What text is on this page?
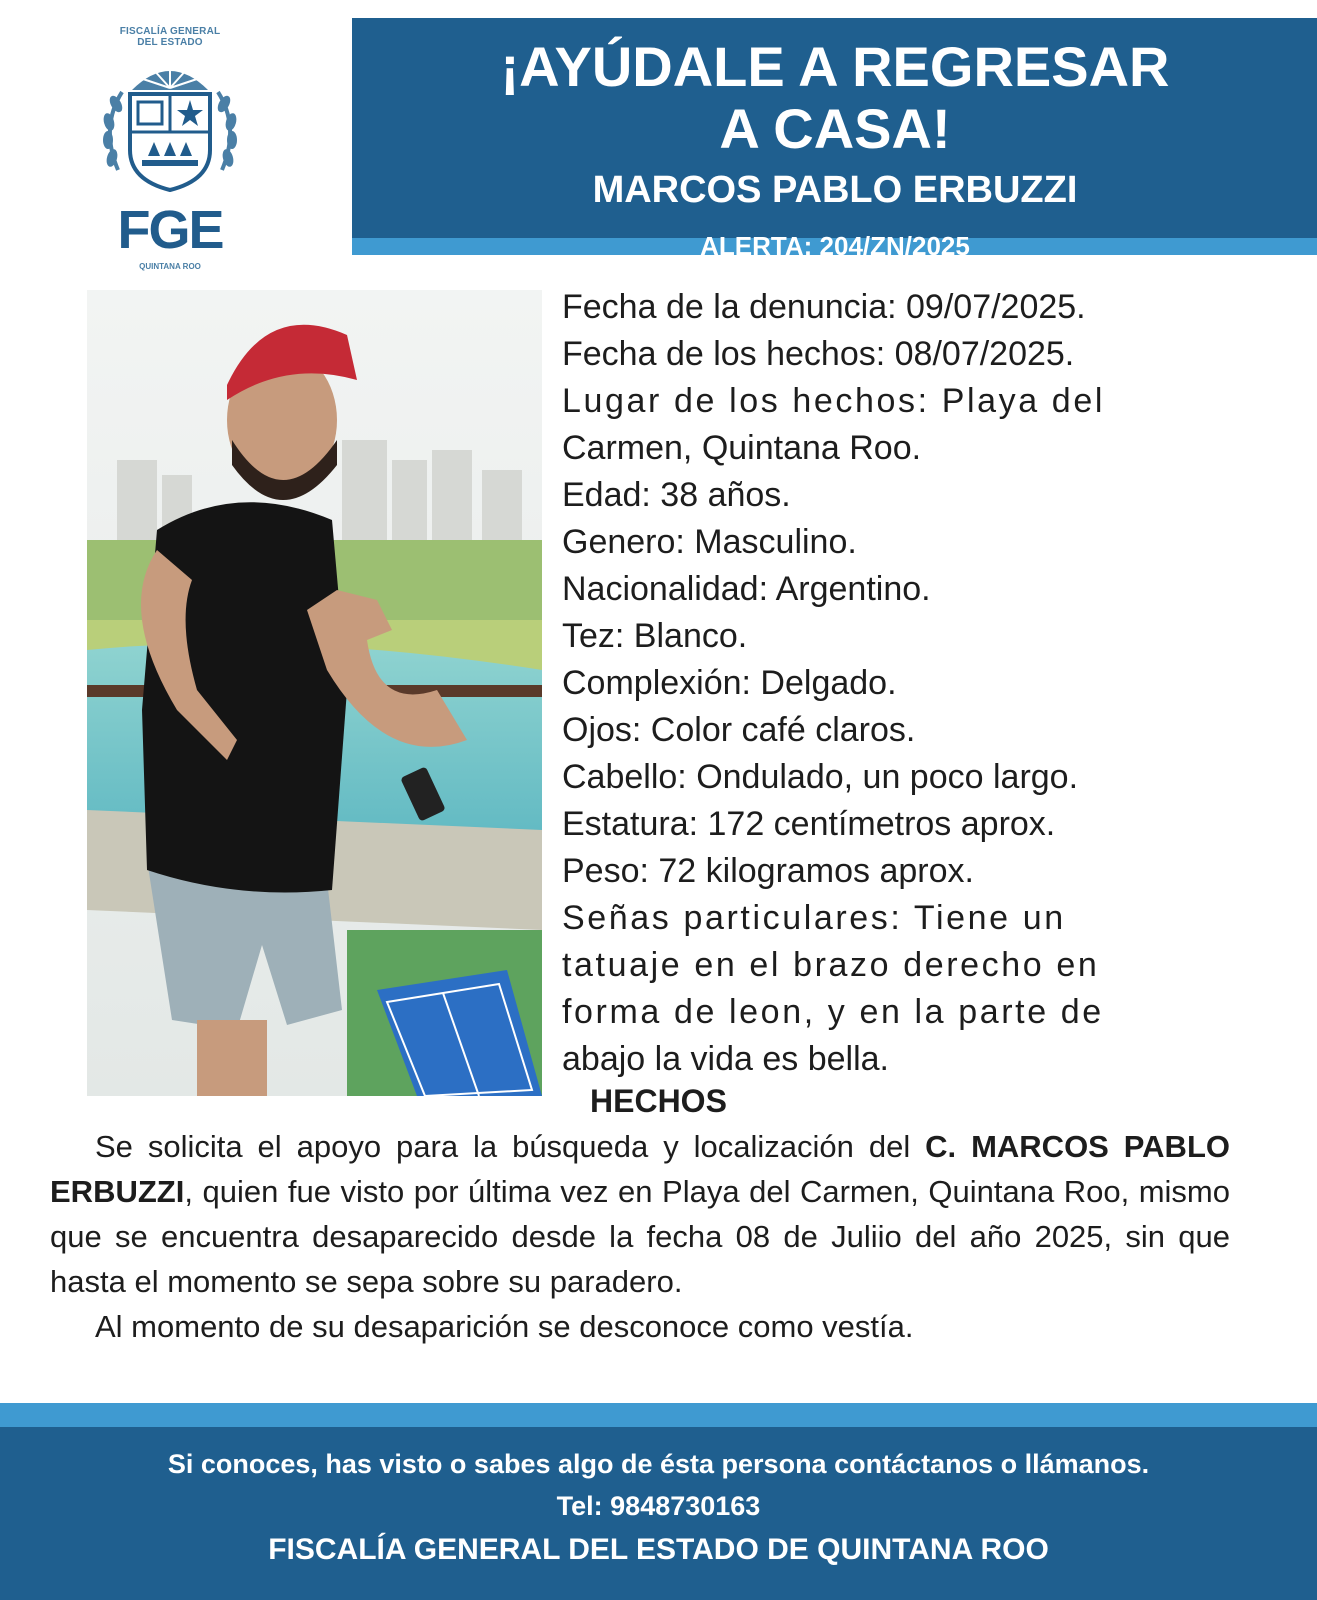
FISCALÍA GENERAL
DEL ESTADO
FGE
QUINTANA ROO
¡AYÚDALE A REGRESAR
A CASA!
MARCOS PABLO ERBUZZI
ALERTA: 204/ZN/2025
Fecha de la denuncia: 09/07/2025.
Fecha de los hechos: 08/07/2025.
Lugar de los hechos: Playa del
Carmen, Quintana Roo.
Edad: 38 años.
Genero: Masculino.
Nacionalidad: Argentino.
Tez: Blanco.
Complexión: Delgado.
Ojos: Color café claros.
Cabello: Ondulado, un poco largo.
Estatura: 172 centímetros aprox.
Peso: 72 kilogramos aprox.
Señas particulares: Tiene un
tatuaje en el brazo derecho en
forma de leon, y en la parte de
abajo la vida es bella.
HECHOS

Se solicita el apoyo para la búsqueda y localización del C. MARCOS PABLO ERBUZZI, quien fue visto por última vez en Playa del Carmen, Quintana Roo, mismo que se encuentra desaparecido desde la fecha 08 de Juliio del año 2025, sin que hasta el momento se sepa sobre su paradero.

Al momento de su desaparición se desconoce como vestía.

Si conoces, has visto o sabes algo de ésta persona contáctanos o llámanos.
Tel: 9848730163
FISCALÍA GENERAL DEL ESTADO DE QUINTANA ROO
